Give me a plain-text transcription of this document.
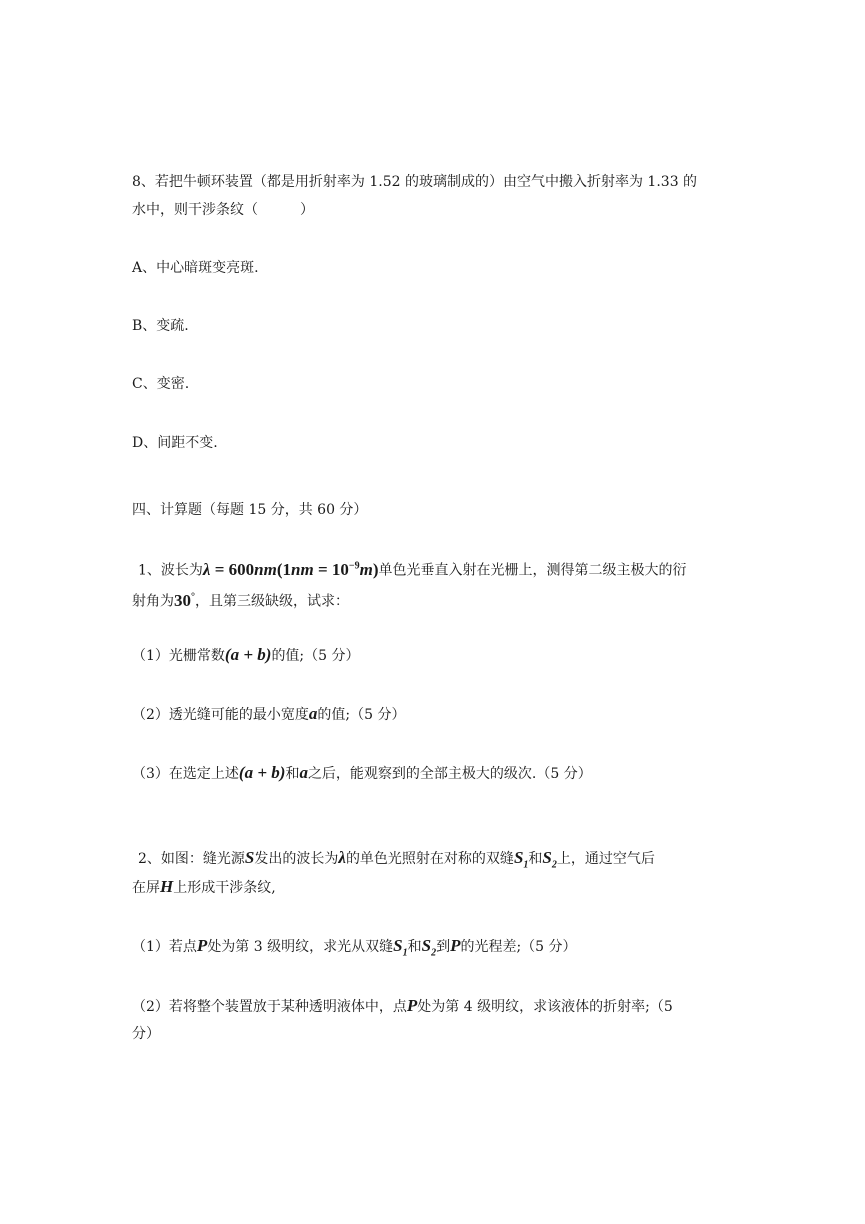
8、若把牛顿环装置（都是用折射率为 1.52 的玻璃制成的）由空气中搬入折射率为 1.33 的

水中，则干涉条纹（　　　）

A、中心暗斑变亮斑.

B、变疏.

C、变密.

D、间距不变.

四、计算题（每题 15 分，共 60 分）

1、波长为$\lambda = 600nm(1nm = 10^{-9}m)$单色光垂直入射在光栅上，测得第二级主极大的衍

射角为30°，且第三级缺级，试求：

（1）光栅常数(a + b)的值;（5 分）

（2）透光缝可能的最小宽度a的值;（5 分）

（3）在选定上述(a + b)和a之后，能观察到的全部主极大的级次.（5 分）

2、如图：缝光源S发出的波长为λ的单色光照射在对称的双缝$S_1$和$S_2$上，通过空气后

在屏H上形成干涉条纹,

（1）若点P处为第 3 级明纹，求光从双缝$S_1$和$S_2$到P的光程差;（5 分）

（2）若将整个装置放于某种透明液体中，点P处为第 4 级明纹，求该液体的折射率;（5

分）
